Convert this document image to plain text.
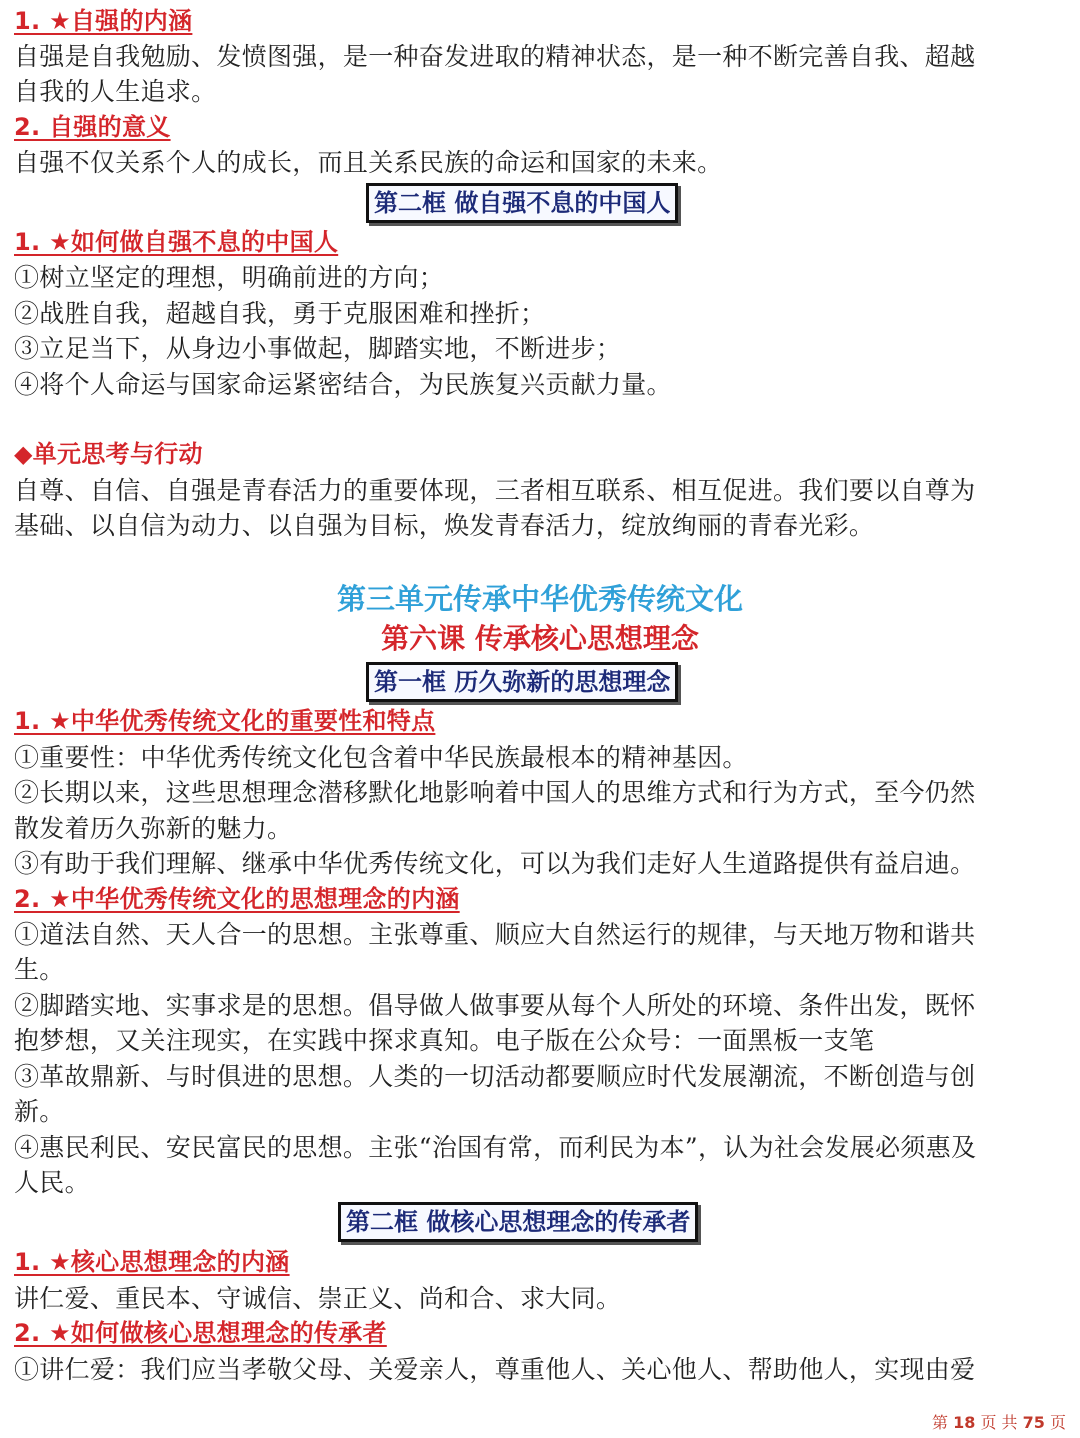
1. ★自强的内涵
自强是自我勉励、发愤图强，是一种奋发进取的精神状态，是一种不断完善自我、超越
自我的人生追求。
2. 自强的意义
自强不仅关系个人的成长，而且关系民族的命运和国家的未来。
第二框 做自强不息的中国人
1. ★如何做自强不息的中国人
①树立坚定的理想，明确前进的方向；
②战胜自我，超越自我，勇于克服困难和挫折；
③立足当下，从身边小事做起，脚踏实地，不断进步；
④将个人命运与国家命运紧密结合，为民族复兴贡献力量。
◆单元思考与行动
自尊、自信、自强是青春活力的重要体现，三者相互联系、相互促进。我们要以自尊为
基础、以自信为动力、以自强为目标，焕发青春活力，绽放绚丽的青春光彩。
第三单元传承中华优秀传统文化
第六课 传承核心思想理念
第一框 历久弥新的思想理念
1. ★中华优秀传统文化的重要性和特点
①重要性：中华优秀传统文化包含着中华民族最根本的精神基因。
②长期以来，这些思想理念潜移默化地影响着中国人的思维方式和行为方式，至今仍然
散发着历久弥新的魅力。
③有助于我们理解、继承中华优秀传统文化，可以为我们走好人生道路提供有益启迪。
2. ★中华优秀传统文化的思想理念的内涵
①道法自然、天人合一的思想。主张尊重、顺应大自然运行的规律，与天地万物和谐共
生。
②脚踏实地、实事求是的思想。倡导做人做事要从每个人所处的环境、条件出发，既怀
抱梦想，又关注现实，在实践中探求真知。电子版在公众号：一面黑板一支笔
③革故鼎新、与时俱进的思想。人类的一切活动都要顺应时代发展潮流，不断创造与创
新。
④惠民利民、安民富民的思想。主张“治国有常，而利民为本”，认为社会发展必须惠及
人民。
第二框 做核心思想理念的传承者
1. ★核心思想理念的内涵
讲仁爱、重民本、守诚信、崇正义、尚和合、求大同。
2. ★如何做核心思想理念的传承者
①讲仁爱：我们应当孝敬父母、关爱亲人，尊重他人、关心他人、帮助他人，实现由爱
第 18 页 共 75 页
